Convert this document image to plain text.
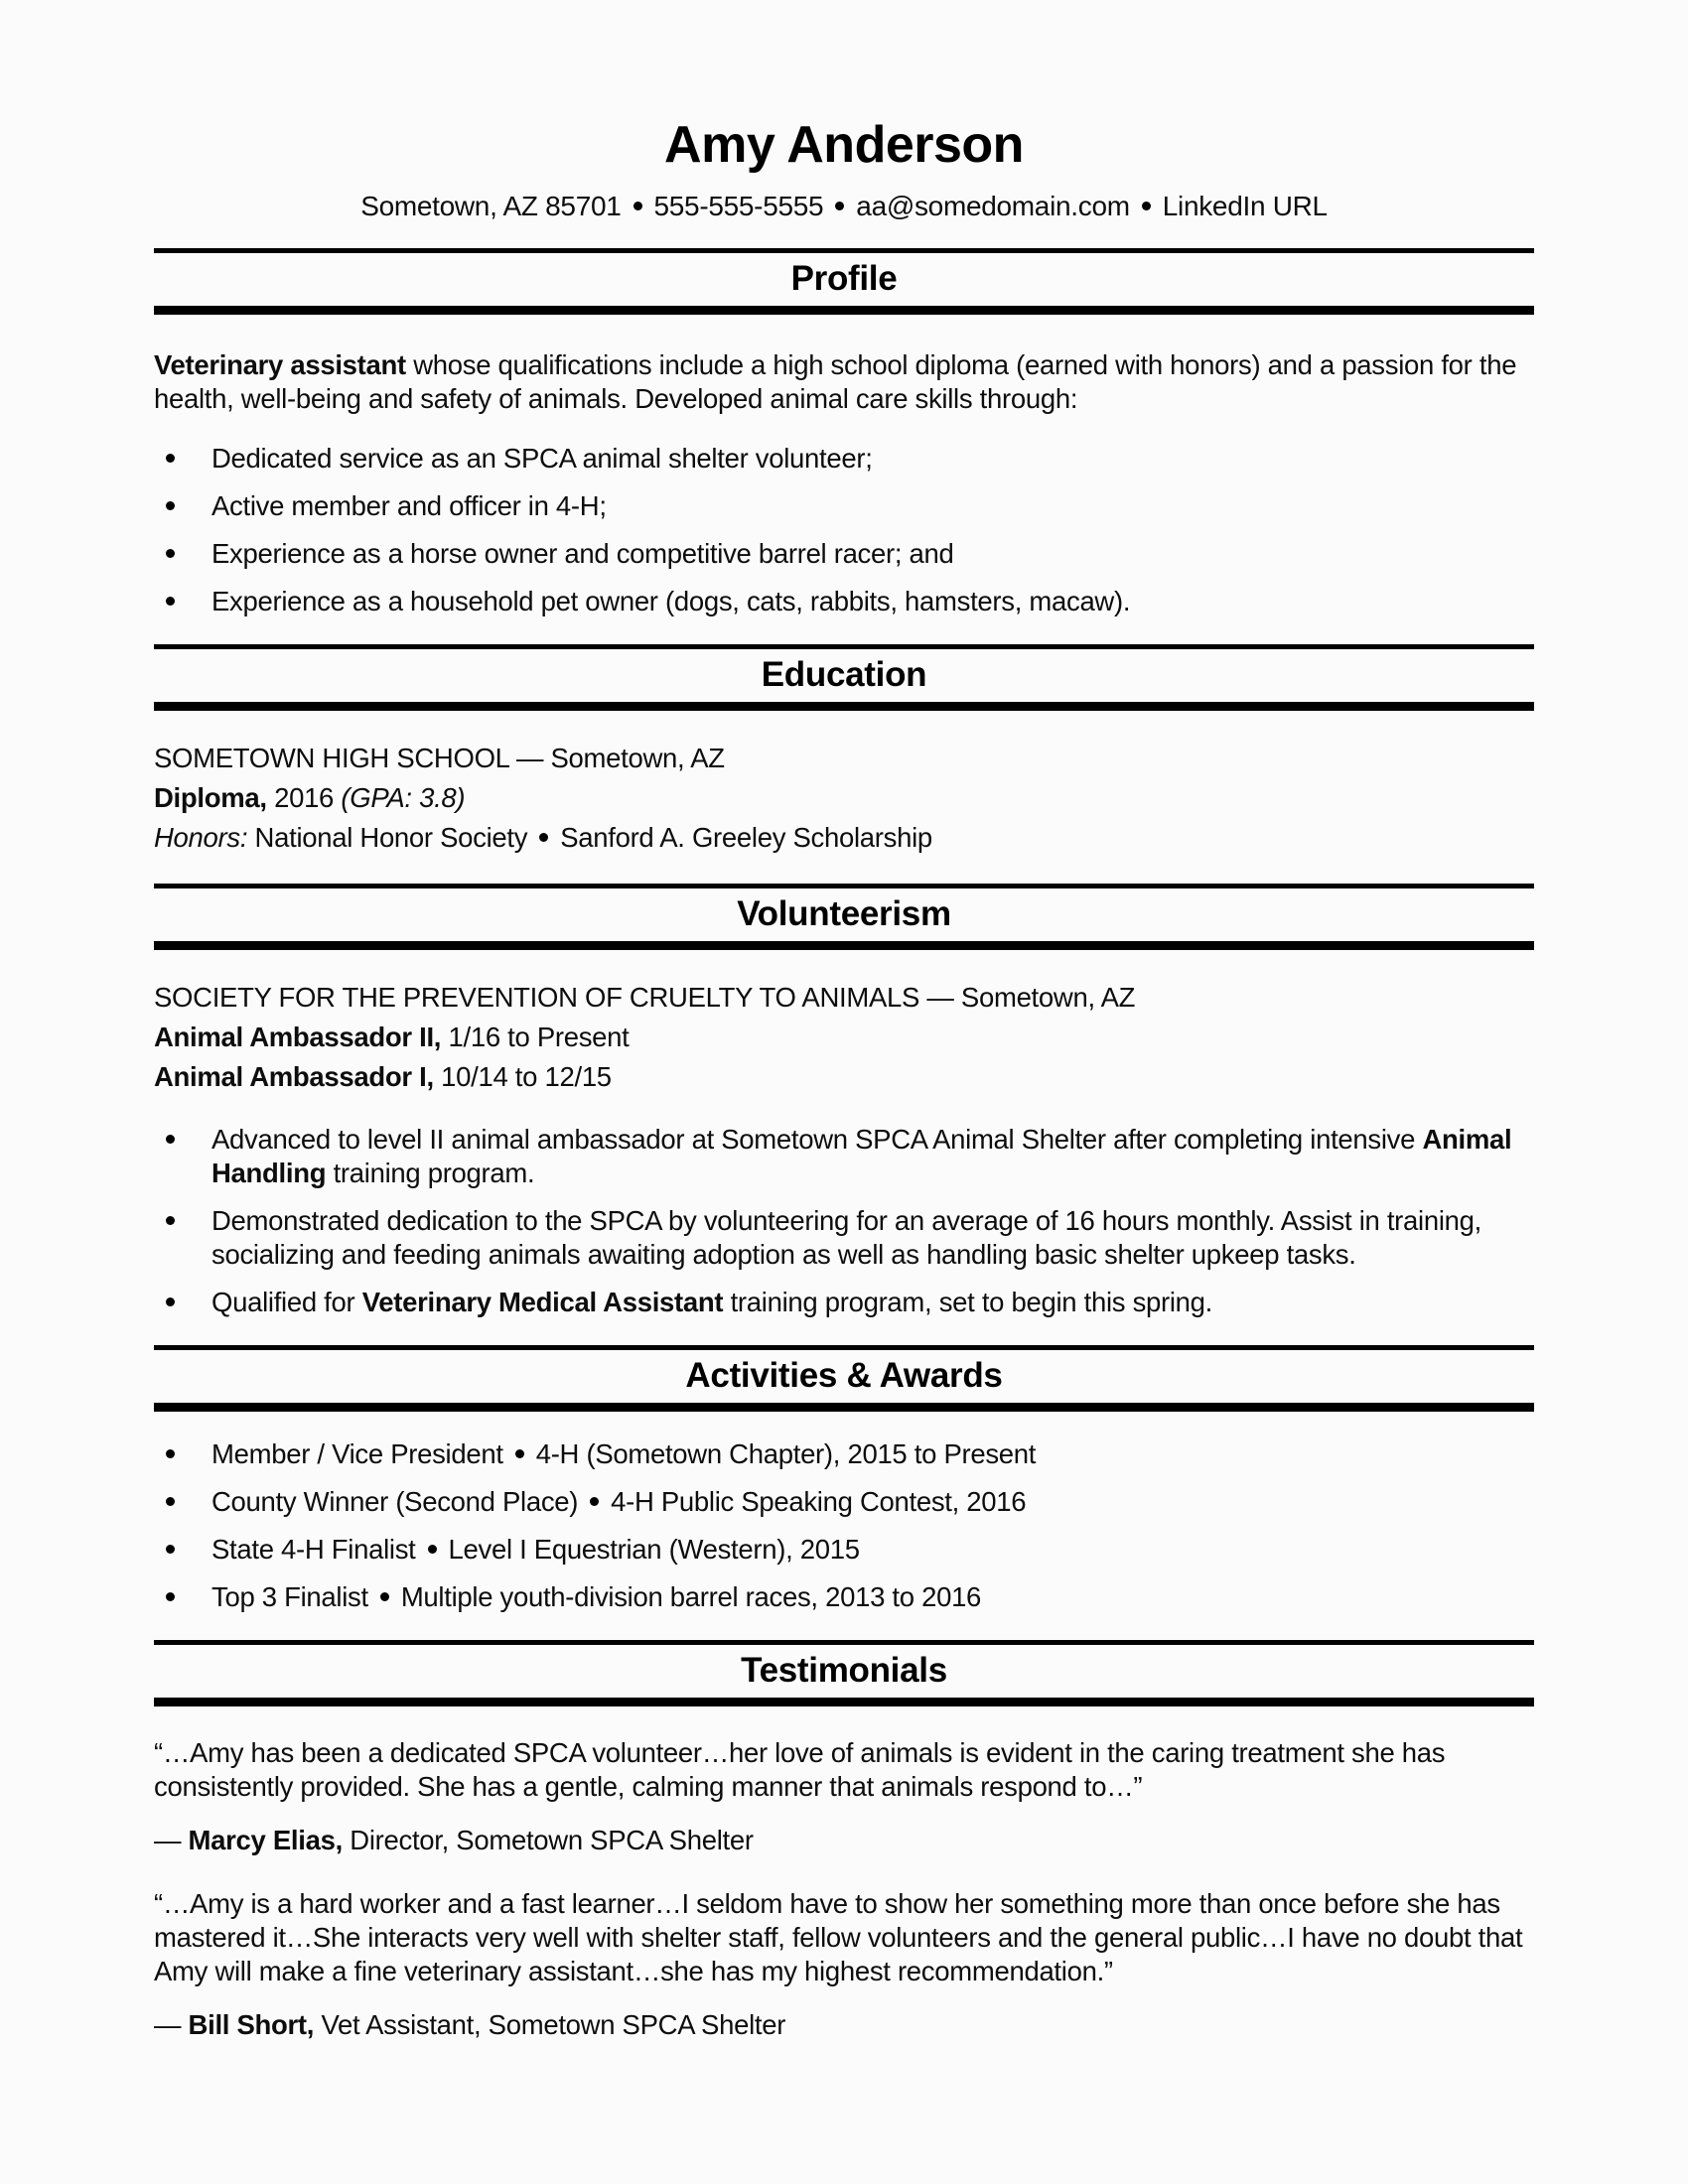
Amy Anderson
Sometown, AZ 85701 555-555-5555 aa@somedomain.com LinkedIn URL
Profile

Veterinary assistant whose qualifications include a high school diploma (earned with honors) and a passion for the health, well-being and safety of animals. Developed animal care skills through:

Dedicated service as an SPCA animal shelter volunteer;
Active member and officer in 4-H;
Experience as a horse owner and competitive barrel racer; and
Experience as a household pet owner (dogs, cats, rabbits, hamsters, macaw).
Education

SOMETOWN HIGH SCHOOL — Sometown, AZ

Diploma, 2016 (GPA: 3.8)

Honors: National Honor Society Sanford A. Greeley Scholarship

Volunteerism

SOCIETY FOR THE PREVENTION OF CRUELTY TO ANIMALS — Sometown, AZ

Animal Ambassador II, 1/16 to Present

Animal Ambassador I, 10/14 to 12/15

Advanced to level II animal ambassador at Sometown SPCA Animal Shelter after completing intensive Animal Handling training program.
Demonstrated dedication to the SPCA by volunteering for an average of 16 hours monthly. Assist in training, socializing and feeding animals awaiting adoption as well as handling basic shelter upkeep tasks.
Qualified for Veterinary Medical Assistant training program, set to begin this spring.
Activities & Awards
Member / Vice President 4-H (Sometown Chapter), 2015 to Present
County Winner (Second Place) 4-H Public Speaking Contest, 2016
State 4-H Finalist Level I Equestrian (Western), 2015
Top 3 Finalist Multiple youth-division barrel races, 2013 to 2016
Testimonials

“…Amy has been a dedicated SPCA volunteer…her love of animals is evident in the caring treatment she has consistently provided. She has a gentle, calming manner that animals respond to…”

— Marcy Elias, Director, Sometown SPCA Shelter

“…Amy is a hard worker and a fast learner…I seldom have to show her something more than once before she has mastered it…She interacts very well with shelter staff, fellow volunteers and the general public…I have no doubt that Amy will make a fine veterinary assistant…she has my highest recommendation.”

— Bill Short, Vet Assistant, Sometown SPCA Shelter
